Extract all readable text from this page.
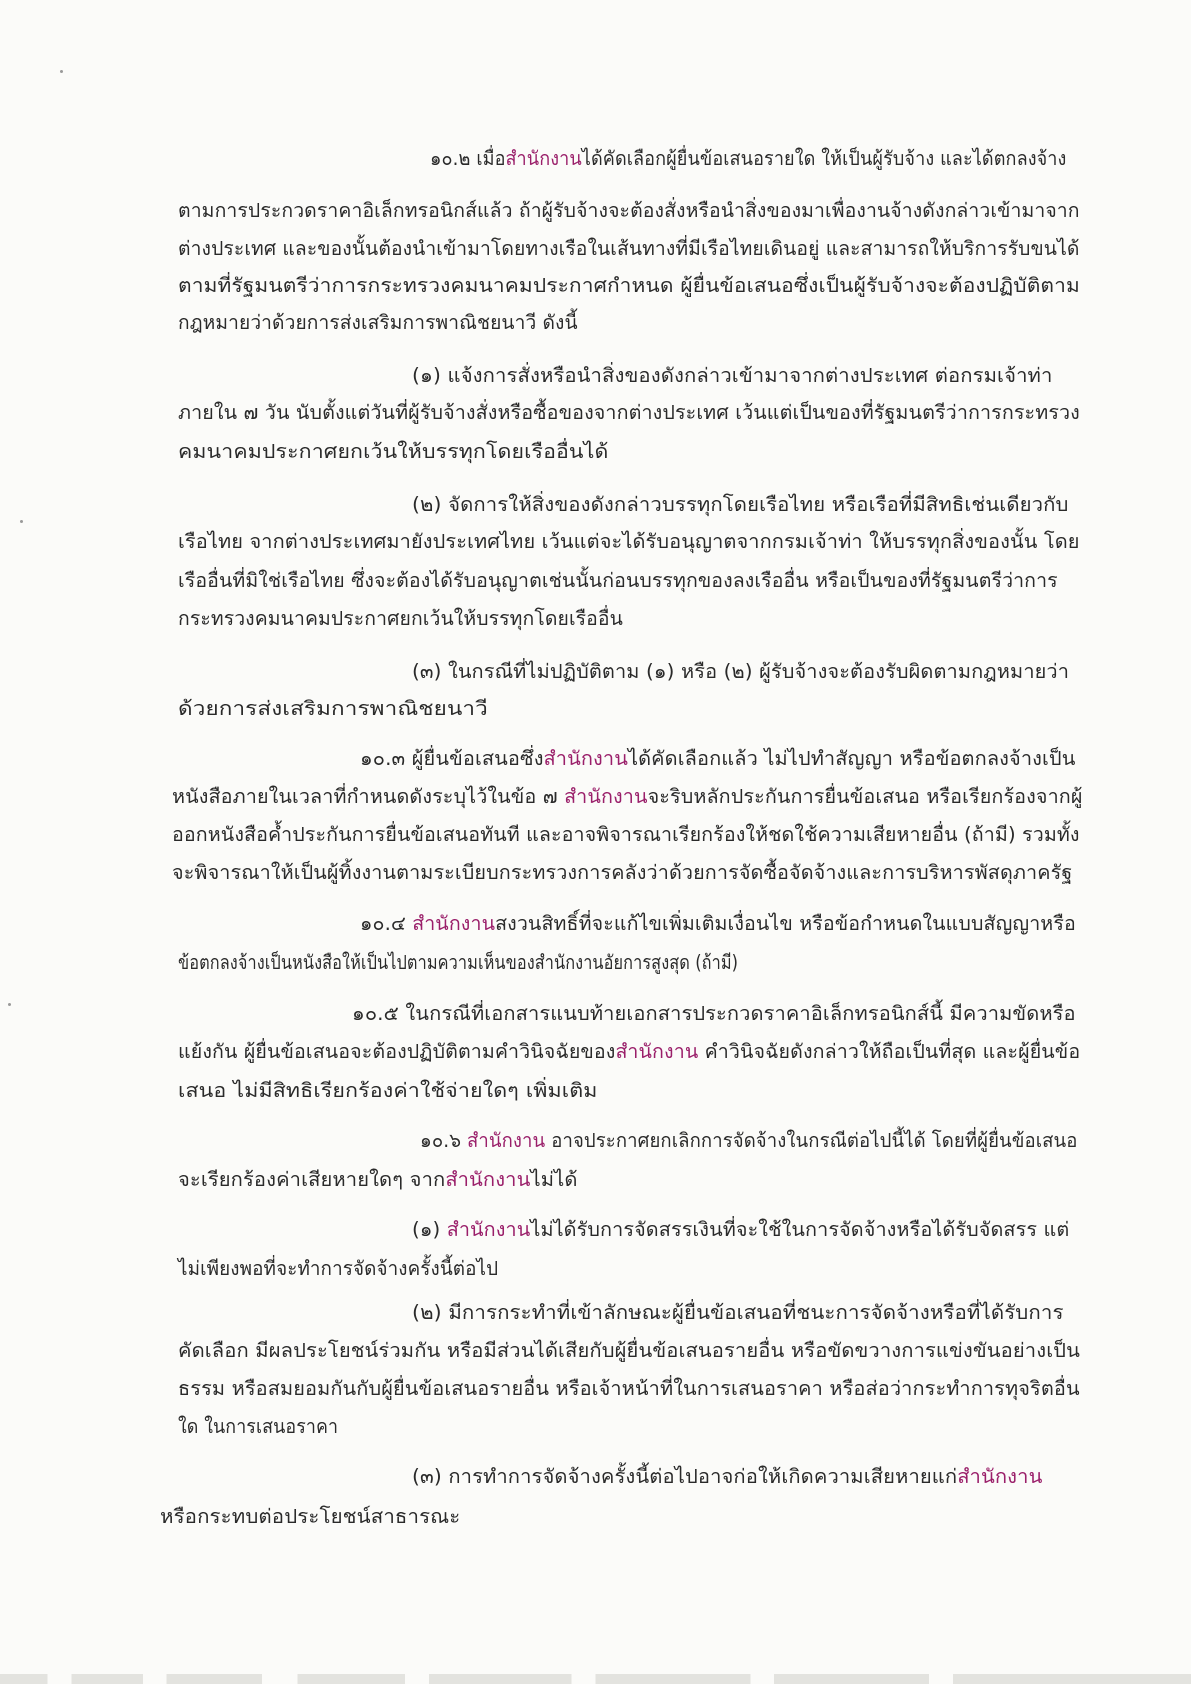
๑๐.๒ เมื่อสำนักงานได้คัดเลือกผู้ยื่นข้อเสนอรายใด ให้เป็นผู้รับจ้าง และได้ตกลงจ้าง
ตามการประกวดราคาอิเล็กทรอนิกส์แล้ว ถ้าผู้รับจ้างจะต้องสั่งหรือนำสิ่งของมาเพื่องานจ้างดังกล่าวเข้ามาจาก
ต่างประเทศ และของนั้นต้องนำเข้ามาโดยทางเรือในเส้นทางที่มีเรือไทยเดินอยู่ และสามารถให้บริการรับขนได้
ตามที่รัฐมนตรีว่าการกระทรวงคมนาคมประกาศกำหนด ผู้ยื่นข้อเสนอซึ่งเป็นผู้รับจ้างจะต้องปฏิบัติตาม
กฎหมายว่าด้วยการส่งเสริมการพาณิชยนาวี ดังนี้
(๑) แจ้งการสั่งหรือนำสิ่งของดังกล่าวเข้ามาจากต่างประเทศ ต่อกรมเจ้าท่า
ภายใน ๗ วัน นับตั้งแต่วันที่ผู้รับจ้างสั่งหรือซื้อของจากต่างประเทศ เว้นแต่เป็นของที่รัฐมนตรีว่าการกระทรวง
คมนาคมประกาศยกเว้นให้บรรทุกโดยเรืออื่นได้
(๒) จัดการให้สิ่งของดังกล่าวบรรทุกโดยเรือไทย หรือเรือที่มีสิทธิเช่นเดียวกับ
เรือไทย จากต่างประเทศมายังประเทศไทย เว้นแต่จะได้รับอนุญาตจากกรมเจ้าท่า ให้บรรทุกสิ่งของนั้น โดย
เรืออื่นที่มิใช่เรือไทย ซึ่งจะต้องได้รับอนุญาตเช่นนั้นก่อนบรรทุกของลงเรืออื่น หรือเป็นของที่รัฐมนตรีว่าการ
กระทรวงคมนาคมประกาศยกเว้นให้บรรทุกโดยเรืออื่น
(๓) ในกรณีที่ไม่ปฏิบัติตาม (๑) หรือ (๒) ผู้รับจ้างจะต้องรับผิดตามกฎหมายว่า
ด้วยการส่งเสริมการพาณิชยนาวี
๑๐.๓ ผู้ยื่นข้อเสนอซึ่งสำนักงานได้คัดเลือกแล้ว ไม่ไปทำสัญญา หรือข้อตกลงจ้างเป็น
หนังสือภายในเวลาที่กำหนดดังระบุไว้ในข้อ ๗ สำนักงานจะริบหลักประกันการยื่นข้อเสนอ หรือเรียกร้องจากผู้
ออกหนังสือค้ำประกันการยื่นข้อเสนอทันที และอาจพิจารณาเรียกร้องให้ชดใช้ความเสียหายอื่น (ถ้ามี) รวมทั้ง
จะพิจารณาให้เป็นผู้ทิ้งงานตามระเบียบกระทรวงการคลังว่าด้วยการจัดซื้อจัดจ้างและการบริหารพัสดุภาครัฐ
๑๐.๔ สำนักงานสงวนสิทธิ์ที่จะแก้ไขเพิ่มเติมเงื่อนไข หรือข้อกำหนดในแบบสัญญาหรือ
ข้อตกลงจ้างเป็นหนังสือให้เป็นไปตามความเห็นของสำนักงานอัยการสูงสุด (ถ้ามี)
๑๐.๕ ในกรณีที่เอกสารแนบท้ายเอกสารประกวดราคาอิเล็กทรอนิกส์นี้ มีความขัดหรือ
แย้งกัน ผู้ยื่นข้อเสนอจะต้องปฏิบัติตามคำวินิจฉัยของสำนักงาน คำวินิจฉัยดังกล่าวให้ถือเป็นที่สุด และผู้ยื่นข้อ
เสนอ ไม่มีสิทธิเรียกร้องค่าใช้จ่ายใดๆ เพิ่มเติม
๑๐.๖ สำนักงาน อาจประกาศยกเลิกการจัดจ้างในกรณีต่อไปนี้ได้ โดยที่ผู้ยื่นข้อเสนอ
จะเรียกร้องค่าเสียหายใดๆ จากสำนักงานไม่ได้
(๑) สำนักงานไม่ได้รับการจัดสรรเงินที่จะใช้ในการจัดจ้างหรือได้รับจัดสรร แต่
ไม่เพียงพอที่จะทำการจัดจ้างครั้งนี้ต่อไป
(๒) มีการกระทำที่เข้าลักษณะผู้ยื่นข้อเสนอที่ชนะการจัดจ้างหรือที่ได้รับการ
คัดเลือก มีผลประโยชน์ร่วมกัน หรือมีส่วนได้เสียกับผู้ยื่นข้อเสนอรายอื่น หรือขัดขวางการแข่งขันอย่างเป็น
ธรรม หรือสมยอมกันกับผู้ยื่นข้อเสนอรายอื่น หรือเจ้าหน้าที่ในการเสนอราคา หรือส่อว่ากระทำการทุจริตอื่น
ใด ในการเสนอราคา
(๓) การทำการจัดจ้างครั้งนี้ต่อไปอาจก่อให้เกิดความเสียหายแก่สำนักงาน
หรือกระทบต่อประโยชน์สาธารณะ
